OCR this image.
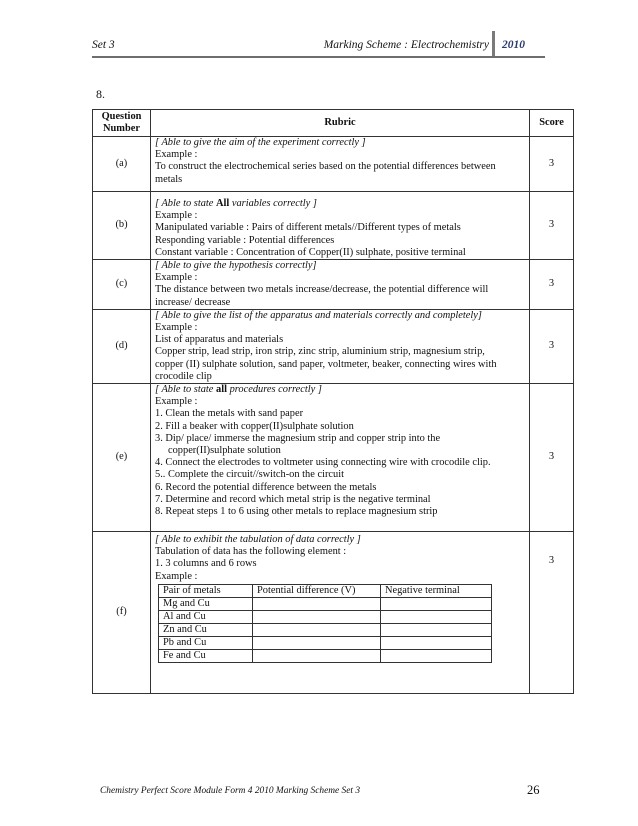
Set 3	Marking Scheme : Electrochemistry 2010
8.
Question Number	Rubric	Score
(a)	
[ Able to give the aim of the experiment correctly ]
Example :
To construct the electrochemical series based on the potential differences between
metals
	3
(b)	
[ Able to state All variables correctly ]
Example :
Manipulated variable : Pairs of different metals//Different types of metals
Responding variable : Potential differences
Constant variable : Concentration of Copper(II) sulphate, positive terminal
	3
(c)	
[ Able to give the hypothesis correctly]
Example :
The distance between two metals increase/decrease, the potential difference will
increase/ decrease
	3
(d)	
[ Able to give the list of the apparatus and materials correctly and completely]
Example :
List of apparatus and materials
Copper strip, lead strip, iron strip, zinc strip, aluminium strip, magnesium strip,
copper (II) sulphate solution, sand paper, voltmeter, beaker, connecting wires with
crocodile clip
	3
(e)	
[ Able to state all procedures correctly ]
Example :
1. Clean the metals with sand paper
2. Fill a beaker with copper(II)sulphate solution
3. Dip/ place/ immerse the magnesium strip and copper strip into the
copper(II)sulphate solution
4. Connect the electrodes to voltmeter using connecting wire with crocodile clip.
5.. Complete the circuit//switch-on the circuit
6. Record the potential difference between the metals
7. Determine and record which metal strip is the negative terminal
8. Repeat steps 1 to 6 using other metals to replace magnesium strip
	3
(f)	
[ Able to exhibit the tabulation of data correctly ]
Tabulation of data has the following element :
1. 3 columns and 6 rows
Example :
Pair of metals	Potential difference (V)	Negative terminal
Mg and Cu		
Al and Cu		
Zn and Cu		
Pb and Cu		
Fe and Cu		
	3
Chemistry Perfect Score Module Form 4 2010 Marking Scheme Set 3	26
